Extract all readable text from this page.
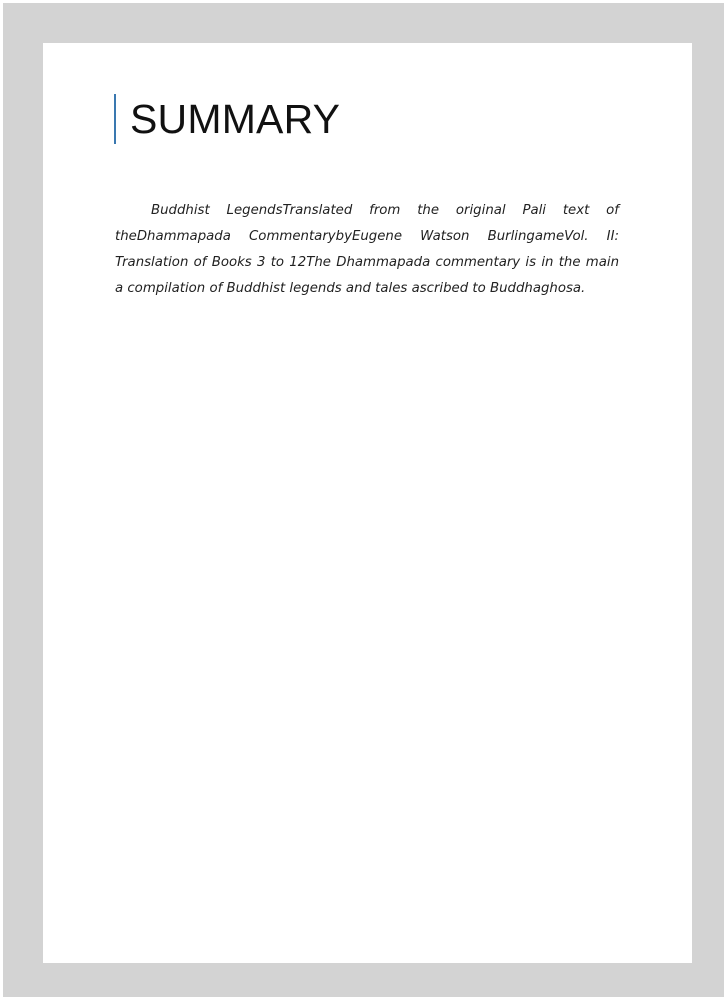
SUMMARY

Buddhist LegendsTranslated from the original Pali text of theDhammapada CommentarybyEugene Watson BurlingameVol. II: Translation of Books 3 to 12The Dhammapada commentary is in the main a compilation of Buddhist legends and tales ascribed to Buddhaghosa.
